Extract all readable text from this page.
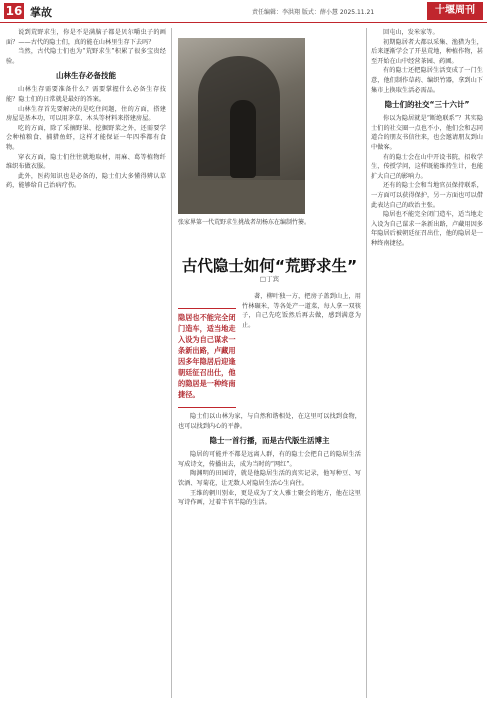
16 掌故	责任编辑：李洪翔 版式：薛小慧 2025.11.21	十堰周刊

说到荒野求生，你是不是满脑子都是贝尔嚼虫子的画面？——古代的隐士们，真的能在山林里生存下去吗？

当然，古代隐士们也为“荒野求生”积累了很多宝贵经验。

山林生存必备技能

山林生存需要准备什么？需要掌握什么必备生存技能？隐士们的日常就是最好的答案。

山林生存首先要解决的是吃住问题，住的方面，搭建房屋是基本功，可以用茅草、木头等材料来搭建房屋。

吃的方面，除了采摘野果、挖掘野菜之外，还需要学会种植粮食、捕猎鱼虾，这样才能保证一年四季都有食物。

穿衣方面，隐士们往往就地取材，用麻、葛等植物纤维织布做衣服。

此外，医药知识也是必备的，隐士们大多懂得辨认草药，能够给自己治病疗伤。

张家界第一代荒野求生挑战者胡杨东在编制竹篓。
古代隐士如何“荒野求生”
□丁宾
隐居也不能完全闭门造车，适当地走入设为自己谋求一条新出路，卢藏用因多年隐居后迎逢朝廷征召出仕，他的隐居是一种终南捷径。

著，柳叶独一方，把房子盖到山上，用竹林碾米，等各处产一道菜，每人拿一双筷子，自己先吃饭然后再去做，感到满意为止。

隐士们以山林为家，与自然和谐相处，在这里可以找到食物，也可以找到内心的平静。

隐士一首行播，而是古代版生活博主

隐居的可能并不都是远离人群，有的隐士会把自己的隐居生活写成诗文，传播出去，成为当时的“网红”。

陶渊明的田园诗，就是他隐居生活的真实记录，他写种豆、写饮酒、写菊花，让无数人对隐居生活心生向往。

王维的辋川别业，更是成为了文人雅士聚会的地方，他在这里写诗作画，过着半官半隐的生活。

回屯山，发米家等。

初期隐居者大都以采集、渔猎为生，后来逐渐学会了开垦荒地，种植作物，甚至开始在山中经营茶园、药圃。

有的隐士还把隐居生活变成了一门生意，他们制作草药、编织竹器，拿到山下集市上换取生活必需品。

隐士们的社交“三十六计”

你以为隐居就是“断绝联系”？其实隐士们的社交圈一点也不小，他们会和志同道合的朋友书信往来，也会邀请朋友到山中做客。

有的隐士会在山中开设书院，招收学生，传授学问，这样既能维持生计，也能扩大自己的影响力。

还有的隐士会和当地官员保持联系，一方面可以获得保护，另一方面也可以借此表达自己的政治主张。

隐居也不能完全闭门造车，适当地走入设为自己谋求一条新出路，卢藏用因多年隐居后被朝廷征召出仕，他的隐居是一种终南捷径。
